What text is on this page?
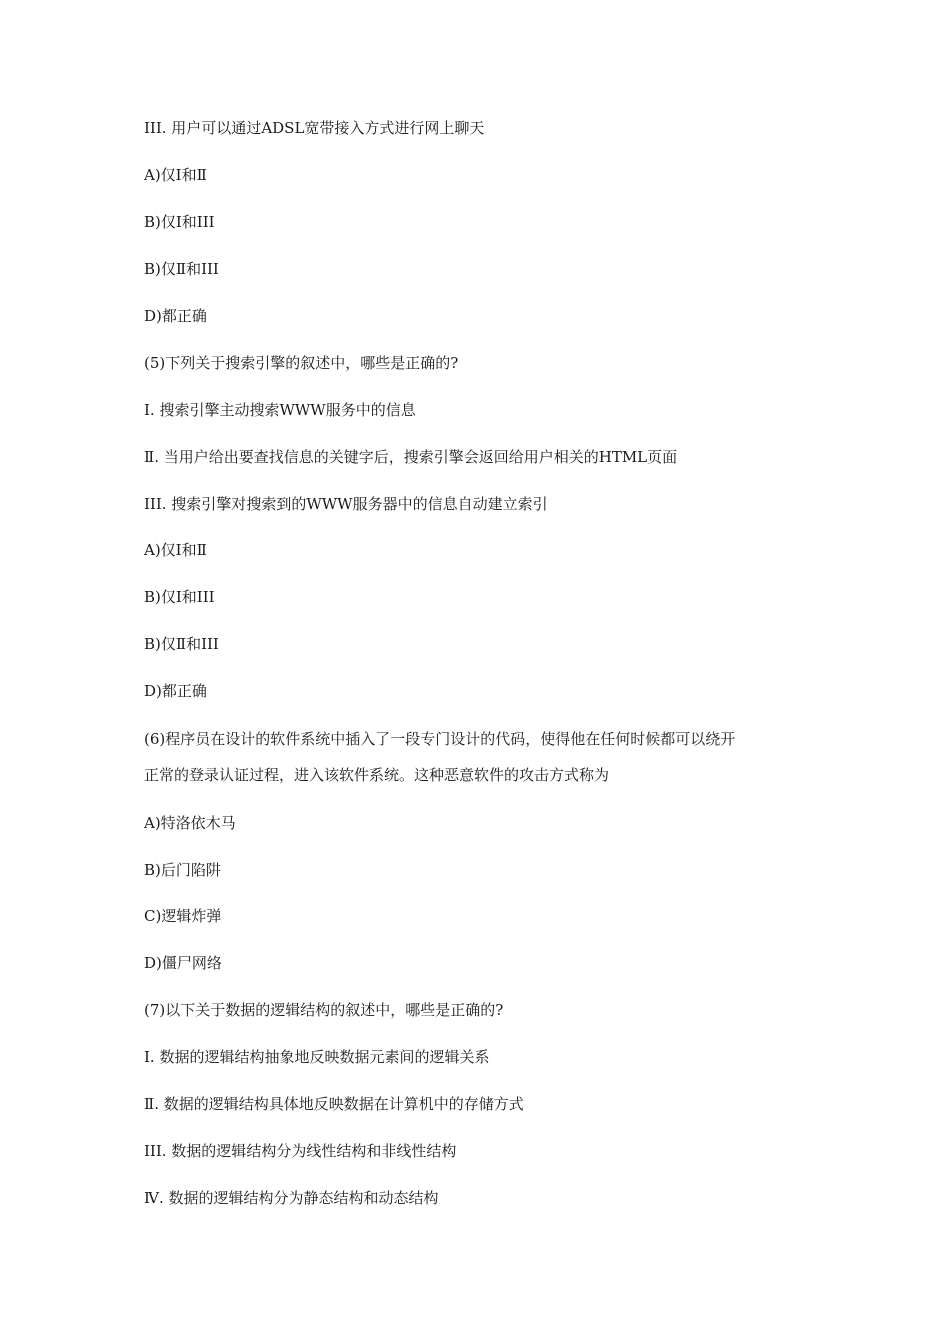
III. 用户可以通过ADSL宽带接入方式进行网上聊天
A)仅Ⅰ和Ⅱ
B)仅Ⅰ和III
B)仅Ⅱ和III
D)都正确
(5)下列关于搜索引擎的叙述中，哪些是正确的?
Ⅰ. 搜索引擎主动搜索WWW服务中的信息
Ⅱ. 当用户给出要查找信息的关键字后，搜索引擎会返回给用户相关的HTML页面
III. 搜索引擎对搜索到的WWW服务器中的信息自动建立索引
A)仅Ⅰ和Ⅱ
B)仅Ⅰ和III
B)仅Ⅱ和III
D)都正确
(6)程序员在设计的软件系统中插入了一段专门设计的代码，使得他在任何时候都可以绕开
正常的登录认证过程，进入该软件系统。这种恶意软件的攻击方式称为
A)特洛依木马
B)后门陷阱
C)逻辑炸弹
D)僵尸网络
(7)以下关于数据的逻辑结构的叙述中，哪些是正确的?
Ⅰ. 数据的逻辑结构抽象地反映数据元素间的逻辑关系
Ⅱ. 数据的逻辑结构具体地反映数据在计算机中的存储方式
III. 数据的逻辑结构分为线性结构和非线性结构
Ⅳ. 数据的逻辑结构分为静态结构和动态结构
